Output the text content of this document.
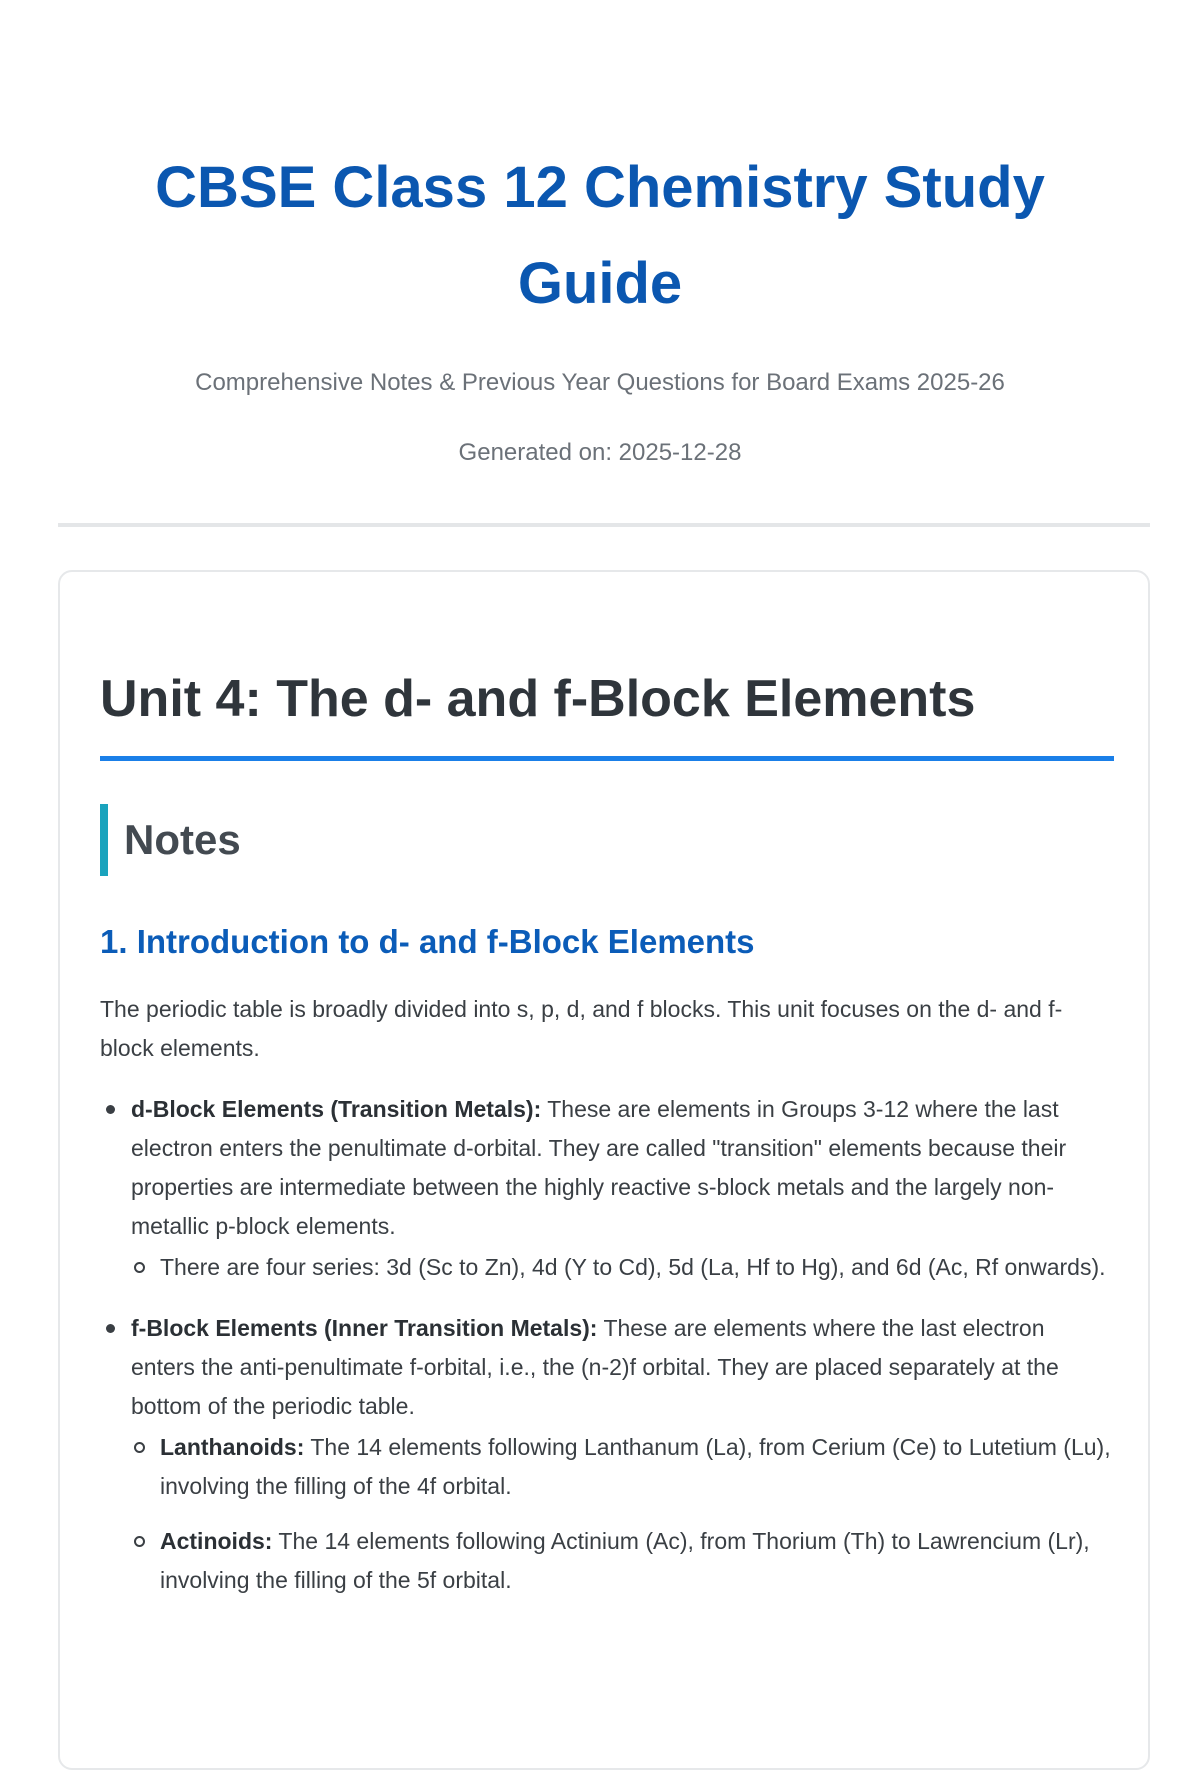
CBSE Class 12 Chemistry Study Guide
Comprehensive Notes & Previous Year Questions for Board Exams 2025-26
Generated on: 2025-12-28
Unit 4: The d- and f-Block Elements
Notes
1. Introduction to d- and f-Block Elements

The periodic table is broadly divided into s, p, d, and f blocks. This unit focuses on the d- and f-block elements.

d-Block Elements (Transition Metals): These are elements in Groups 3-12 where the last electron enters the penultimate d-orbital. They are called "transition" elements because their properties are intermediate between the highly reactive s-block metals and the largely non-metallic p-block elements.
There are four series: 3d (Sc to Zn), 4d (Y to Cd), 5d (La, Hf to Hg), and 6d (Ac, Rf onwards).
f-Block Elements (Inner Transition Metals): These are elements where the last electron enters the anti-penultimate f-orbital, i.e., the (n-2)f orbital. They are placed separately at the bottom of the periodic table.
Lanthanoids: The 14 elements following Lanthanum (La), from Cerium (Ce) to Lutetium (Lu), involving the filling of the 4f orbital.
Actinoids: The 14 elements following Actinium (Ac), from Thorium (Th) to Lawrencium (Lr), involving the filling of the 5f orbital.
